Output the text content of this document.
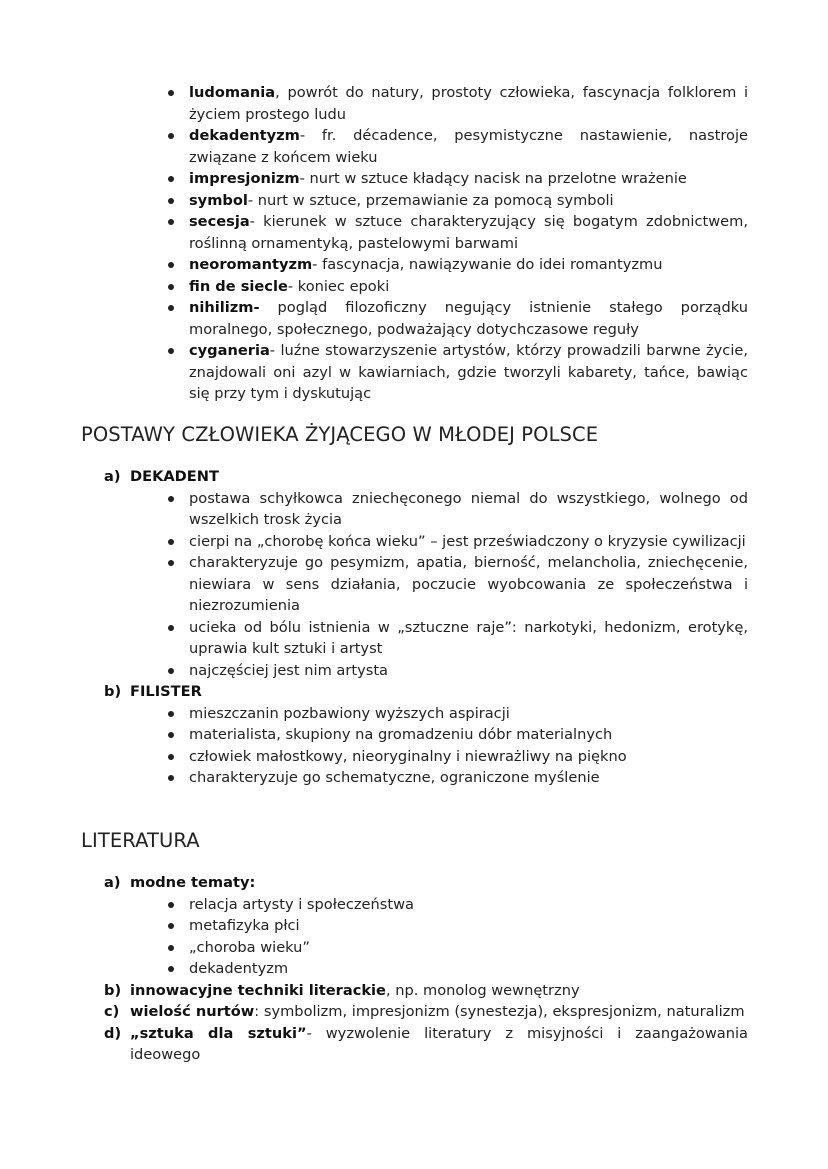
ludomania, powrót do natury, prostoty człowieka, fascynacja folklorem i życiem prostego ludu
dekadentyzm- fr. décadence, pesymistyczne nastawienie, nastroje związane z końcem wieku
impresjonizm- nurt w sztuce kładący nacisk na przelotne wrażenie
symbol- nurt w sztuce, przemawianie za pomocą symboli
secesja- kierunek w sztuce charakteryzujący się bogatym zdobnictwem, roślinną ornamentyką, pastelowymi barwami
neoromantyzm- fascynacja, nawiązywanie do idei romantyzmu
fin de siecle- koniec epoki
nihilizm- pogląd filozoficzny negujący istnienie stałego porządku moralnego, społecznego, podważający dotychczasowe reguły
cyganeria- luźne stowarzyszenie artystów, którzy prowadzili barwne życie, znajdowali oni azyl w kawiarniach, gdzie tworzyli kabarety, tańce, bawiąc się przy tym i dyskutując
POSTAWY CZŁOWIEKA ŻYJĄCEGO W MŁODEJ POLSCE
a) DEKADENT
postawa schyłkowca zniechęconego niemal do wszystkiego, wolnego od wszelkich trosk życia
cierpi na „chorobę końca wieku” – jest przeświadczony o kryzysie cywilizacji
charakteryzuje go pesymizm, apatia, bierność, melancholia, zniechęcenie, niewiara w sens działania, poczucie wyobcowania ze społeczeństwa i niezrozumienia
ucieka od bólu istnienia w „sztuczne raje”: narkotyki, hedonizm, erotykę, uprawia kult sztuki i artyst
najczęściej jest nim artysta
b) FILISTER
mieszczanin pozbawiony wyższych aspiracji
materialista, skupiony na gromadzeniu dóbr materialnych
człowiek małostkowy, nieoryginalny i niewrażliwy na piękno
charakteryzuje go schematyczne, ograniczone myślenie
LITERATURA
a) modne tematy:
relacja artysty i społeczeństwa
metafizyka płci
„choroba wieku”
dekadentyzm
b) innowacyjne techniki literackie, np. monolog wewnętrzny
c) wielość nurtów: symbolizm, impresjonizm (synestezja), ekspresjonizm, naturalizm
d) „sztuka dla sztuki”- wyzwolenie literatury z misyjności i zaangażowania ideowego
